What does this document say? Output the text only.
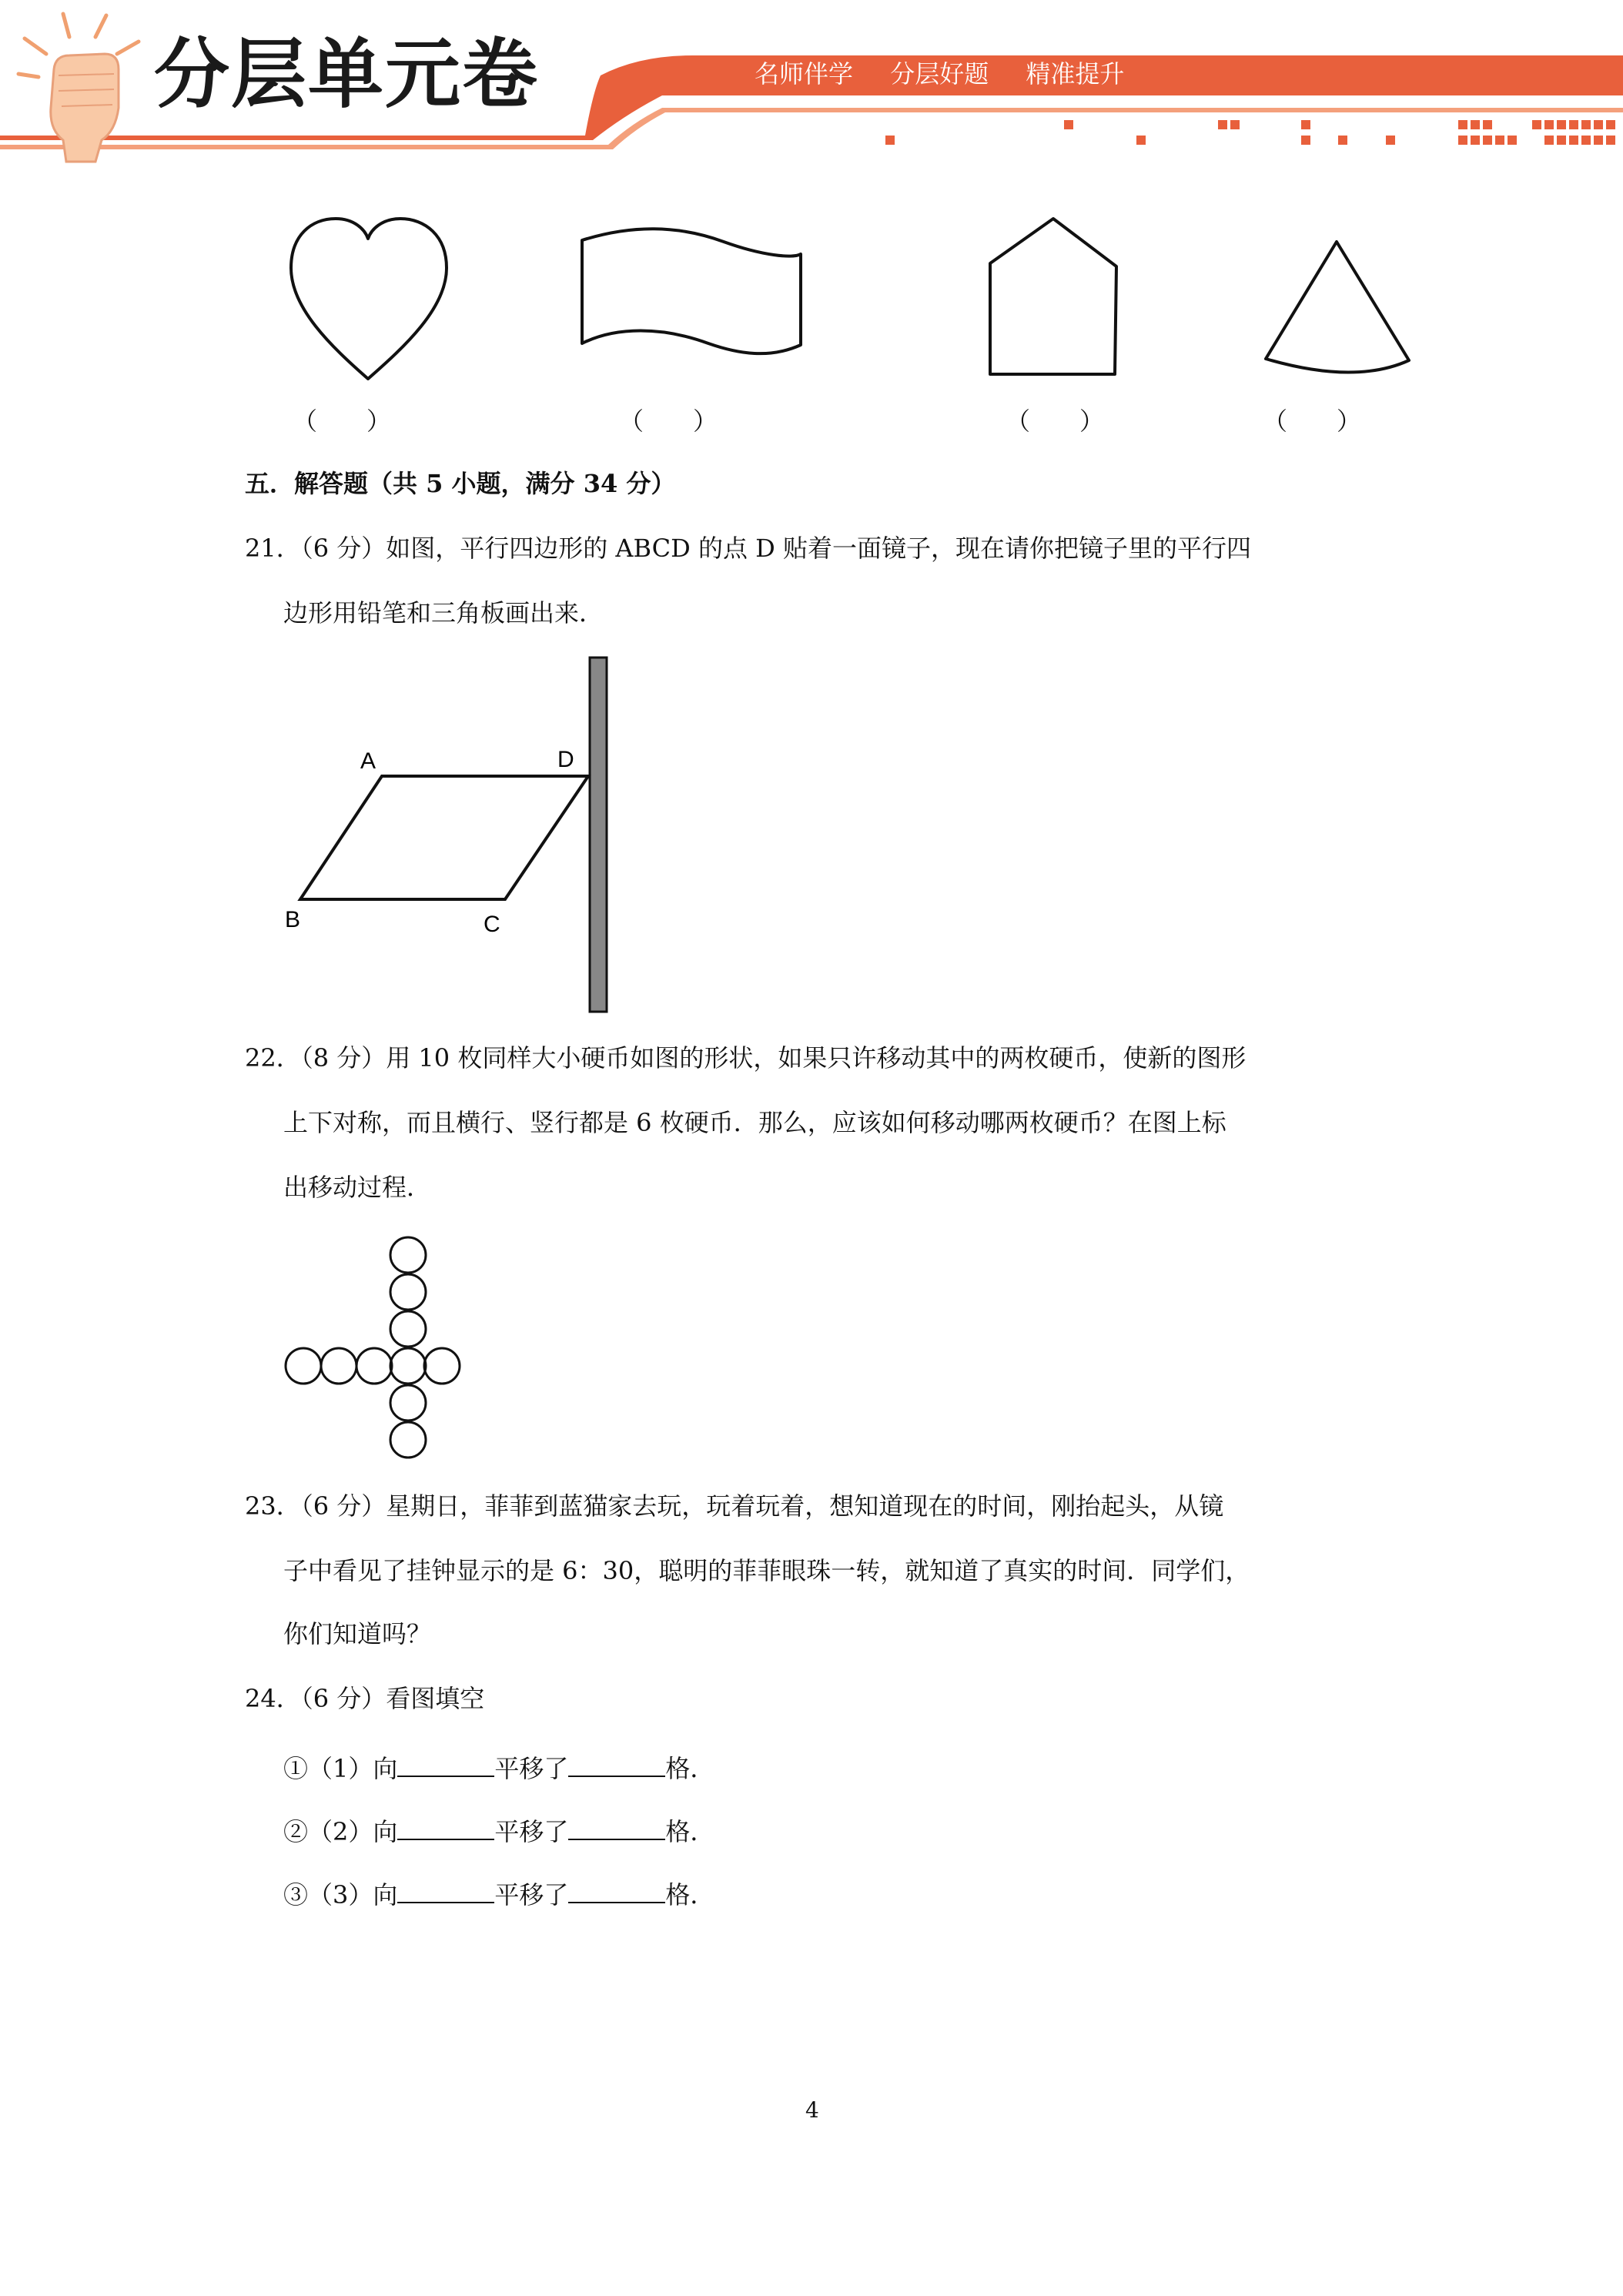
分层单元卷	名师伴学 分层好题 精准提升
（　　）	（　　）	（　　）	（　　）
五．解答题（共 5 小题，满分 34 分）
21．（6 分）如图，平行四边形的 ABCD 的点 D 贴着一面镜子，现在请你把镜子里的平行四
边形用铅笔和三角板画出来．
A	D
B	C
22．（8 分）用 10 枚同样大小硬币如图的形状，如果只许移动其中的两枚硬币，使新的图形
上下对称，而且横行、竖行都是 6 枚硬币．那么，应该如何移动哪两枚硬币？在图上标
出移动过程．
23．（6 分）星期日，菲菲到蓝猫家去玩，玩着玩着，想知道现在的时间，刚抬起头，从镜
子中看见了挂钟显示的是 6：30，聪明的菲菲眼珠一转，就知道了真实的时间．同学们，
你们知道吗？
24．（6 分）看图填空
①（1）向	平移了	格．
②（2）向	平移了	格．
③（3）向	平移了	格．
4
